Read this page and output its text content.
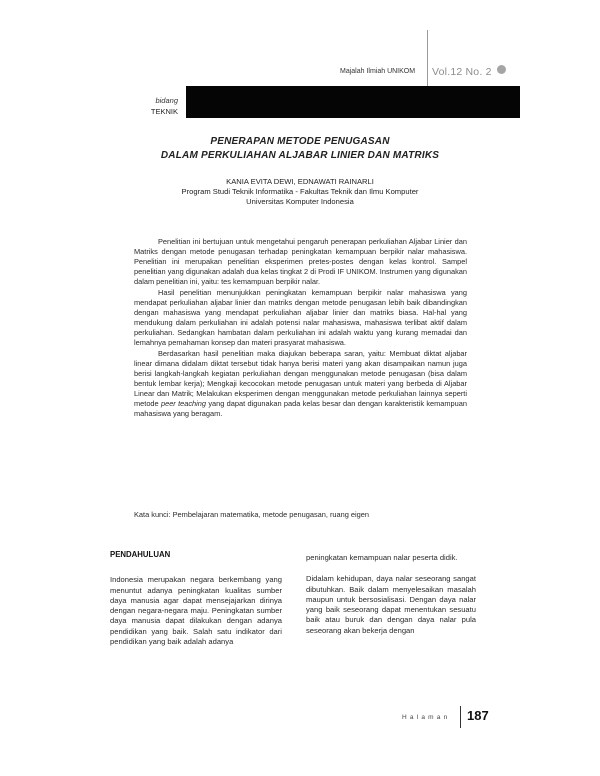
Majalah Ilmiah UNIKOM Vol.12 No. 2
bidang
TEKNIK
PENERAPAN METODE PENUGASAN
DALAM PERKULIAHAN ALJABAR LINIER DAN MATRIKS
KANIA EVITA DEWI, EDNAWATI RAINARLI
Program Studi Teknik Informatika - Fakultas Teknik dan Ilmu Komputer
Universitas Komputer Indonesia

Penelitian ini bertujuan untuk mengetahui pengaruh penerapan perkuliahan Aljabar Linier dan Matriks dengan metode penugasan terhadap peningkatan kemampuan berpikir nalar mahasiswa. Penelitian ini merupakan penelitian eksperimen pretes-postes dengan kelas kontrol. Sampel penelitian yang digunakan adalah dua kelas tingkat 2 di Prodi IF UNIKOM. Instrumen yang digunakan dalam penelitian ini, yaitu: tes kemampuan berpikir nalar.

Hasil penelitian menunjukkan peningkatan kemampuan berpikir nalar mahasiswa yang mendapat perkuliahan aljabar linier dan matriks dengan metode penugasan lebih baik dibandingkan dengan mahasiswa yang mendapat perkuliahan aljabar linier dan matriks biasa. Hal-hal yang mendukung dalam perkuliahan ini adalah potensi nalar mahasiswa, mahasiswa terlibat aktif dalam perkuliahan. Sedangkan hambatan dalam perkuliahan ini adalah waktu yang kurang memadai dan lemahnya pemahaman konsep dan materi prasyarat mahasiswa.

Berdasarkan hasil penelitian maka diajukan beberapa saran, yaitu: Membuat diktat aljabar linear dimana didalam diktat tersebut tidak hanya berisi materi yang akan disampaikan namun juga berisi langkah-langkah kegiatan perkuliahan dengan menggunakan metode penugasan (bisa dalam bentuk lembar kerja); Mengkaji kecocokan metode penugasan untuk materi yang berbeda di Aljabar Linear dan Matrik; Melakukan eksperimen dengan menggunakan metode perkuliahan lainnya seperti metode peer teaching yang dapat digunakan pada kelas besar dan dengan karakteristik kemampuan mahasiswa yang beragam.

Kata kunci: Pembelajaran matematika, metode penugasan, ruang eigen

PENDAHULUAN

Indonesia merupakan negara berkembang yang menuntut adanya peningkatan kualitas sumber daya manusia agar dapat mensejajarkan dirinya dengan negara-negara maju. Peningkatan sumber daya manusia dapat dilakukan dengan adanya pendidikan yang baik. Salah satu indikator dari pendidikan yang baik adalah adanya

peningkatan kemampuan nalar peserta didik.

Didalam kehidupan, daya nalar seseorang sangat dibutuhkan. Baik dalam menyelesaikan masalah maupun untuk bersosialisasi. Dengan daya nalar yang baik seseorang dapat menentukan sesuatu baik atau buruk dan dengan daya nalar pula seseorang akan bekerja dengan

Halaman 187
